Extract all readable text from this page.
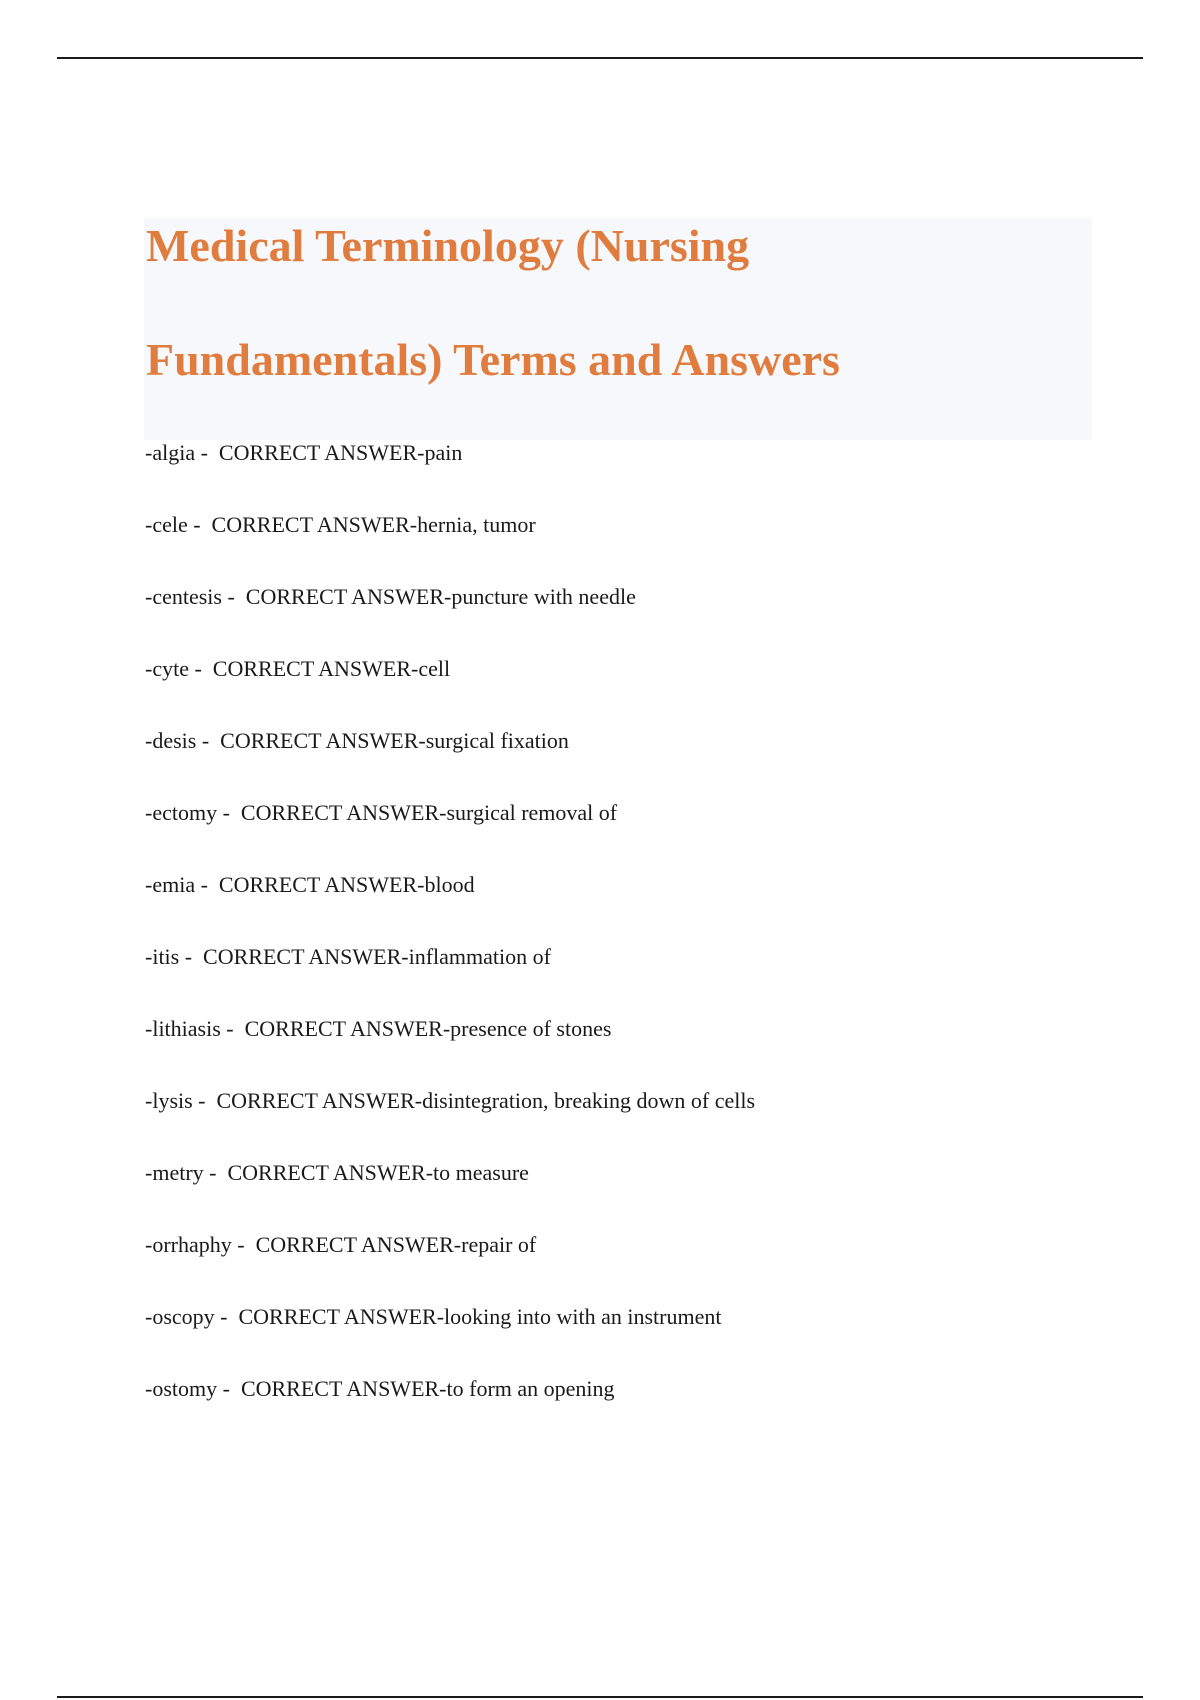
Medical Terminology (Nursing
Fundamentals) Terms and Answers
-algia -  CORRECT ANSWER-pain
-cele -  CORRECT ANSWER-hernia, tumor
-centesis -  CORRECT ANSWER-puncture with needle
-cyte -  CORRECT ANSWER-cell
-desis -  CORRECT ANSWER-surgical fixation
-ectomy -  CORRECT ANSWER-surgical removal of
-emia -  CORRECT ANSWER-blood
-itis -  CORRECT ANSWER-inflammation of
-lithiasis -  CORRECT ANSWER-presence of stones
-lysis -  CORRECT ANSWER-disintegration, breaking down of cells
-metry -  CORRECT ANSWER-to measure
-orrhaphy -  CORRECT ANSWER-repair of
-oscopy -  CORRECT ANSWER-looking into with an instrument
-ostomy -  CORRECT ANSWER-to form an opening
